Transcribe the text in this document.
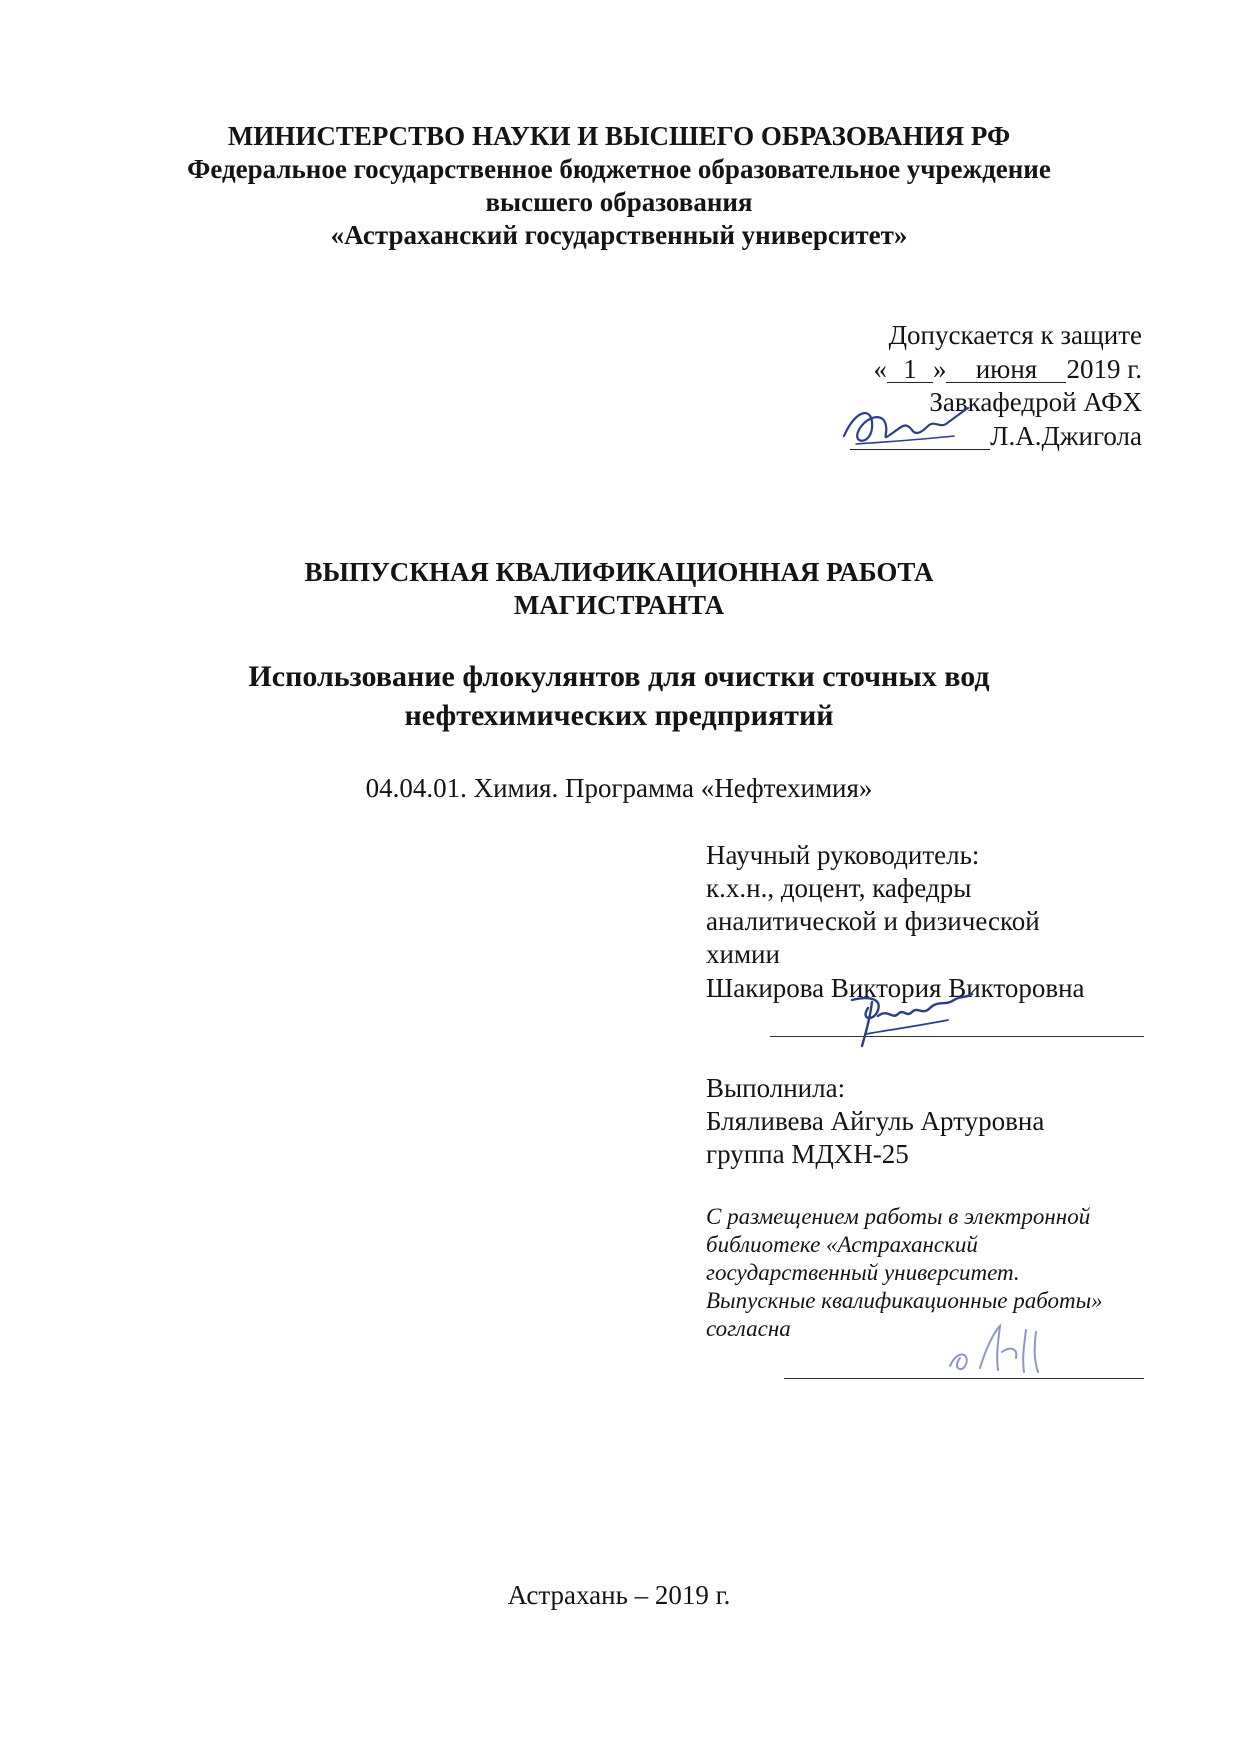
МИНИСТЕРСТВО НАУКИ И ВЫСШЕГО ОБРАЗОВАНИЯ РФ
Федеральное государственное бюджетное образовательное учреждение
высшего образования
«Астраханский государственный университет»
Допускается к защите
« 1 » июня 2019 г.
Завкафедрой АФХ
Л.А.Джигола
ВЫПУСКНАЯ КВАЛИФИКАЦИОННАЯ РАБОТА
МАГИСТРАНТА
Использование флокулянтов для очистки сточных вод
нефтехимических предприятий
04.04.01. Химия. Программа «Нефтехимия»
Научный руководитель:
к.х.н., доцент, кафедры
аналитической и физической
химии
Шакирова Виктория Викторовна
Выполнила:
Бляливева Айгуль Артуровна
группа МДХН-25
С размещением работы в электронной
библиотеке «Астраханский
государственный университет.
Выпускные квалификационные работы»
согласна
Астрахань – 2019 г.
